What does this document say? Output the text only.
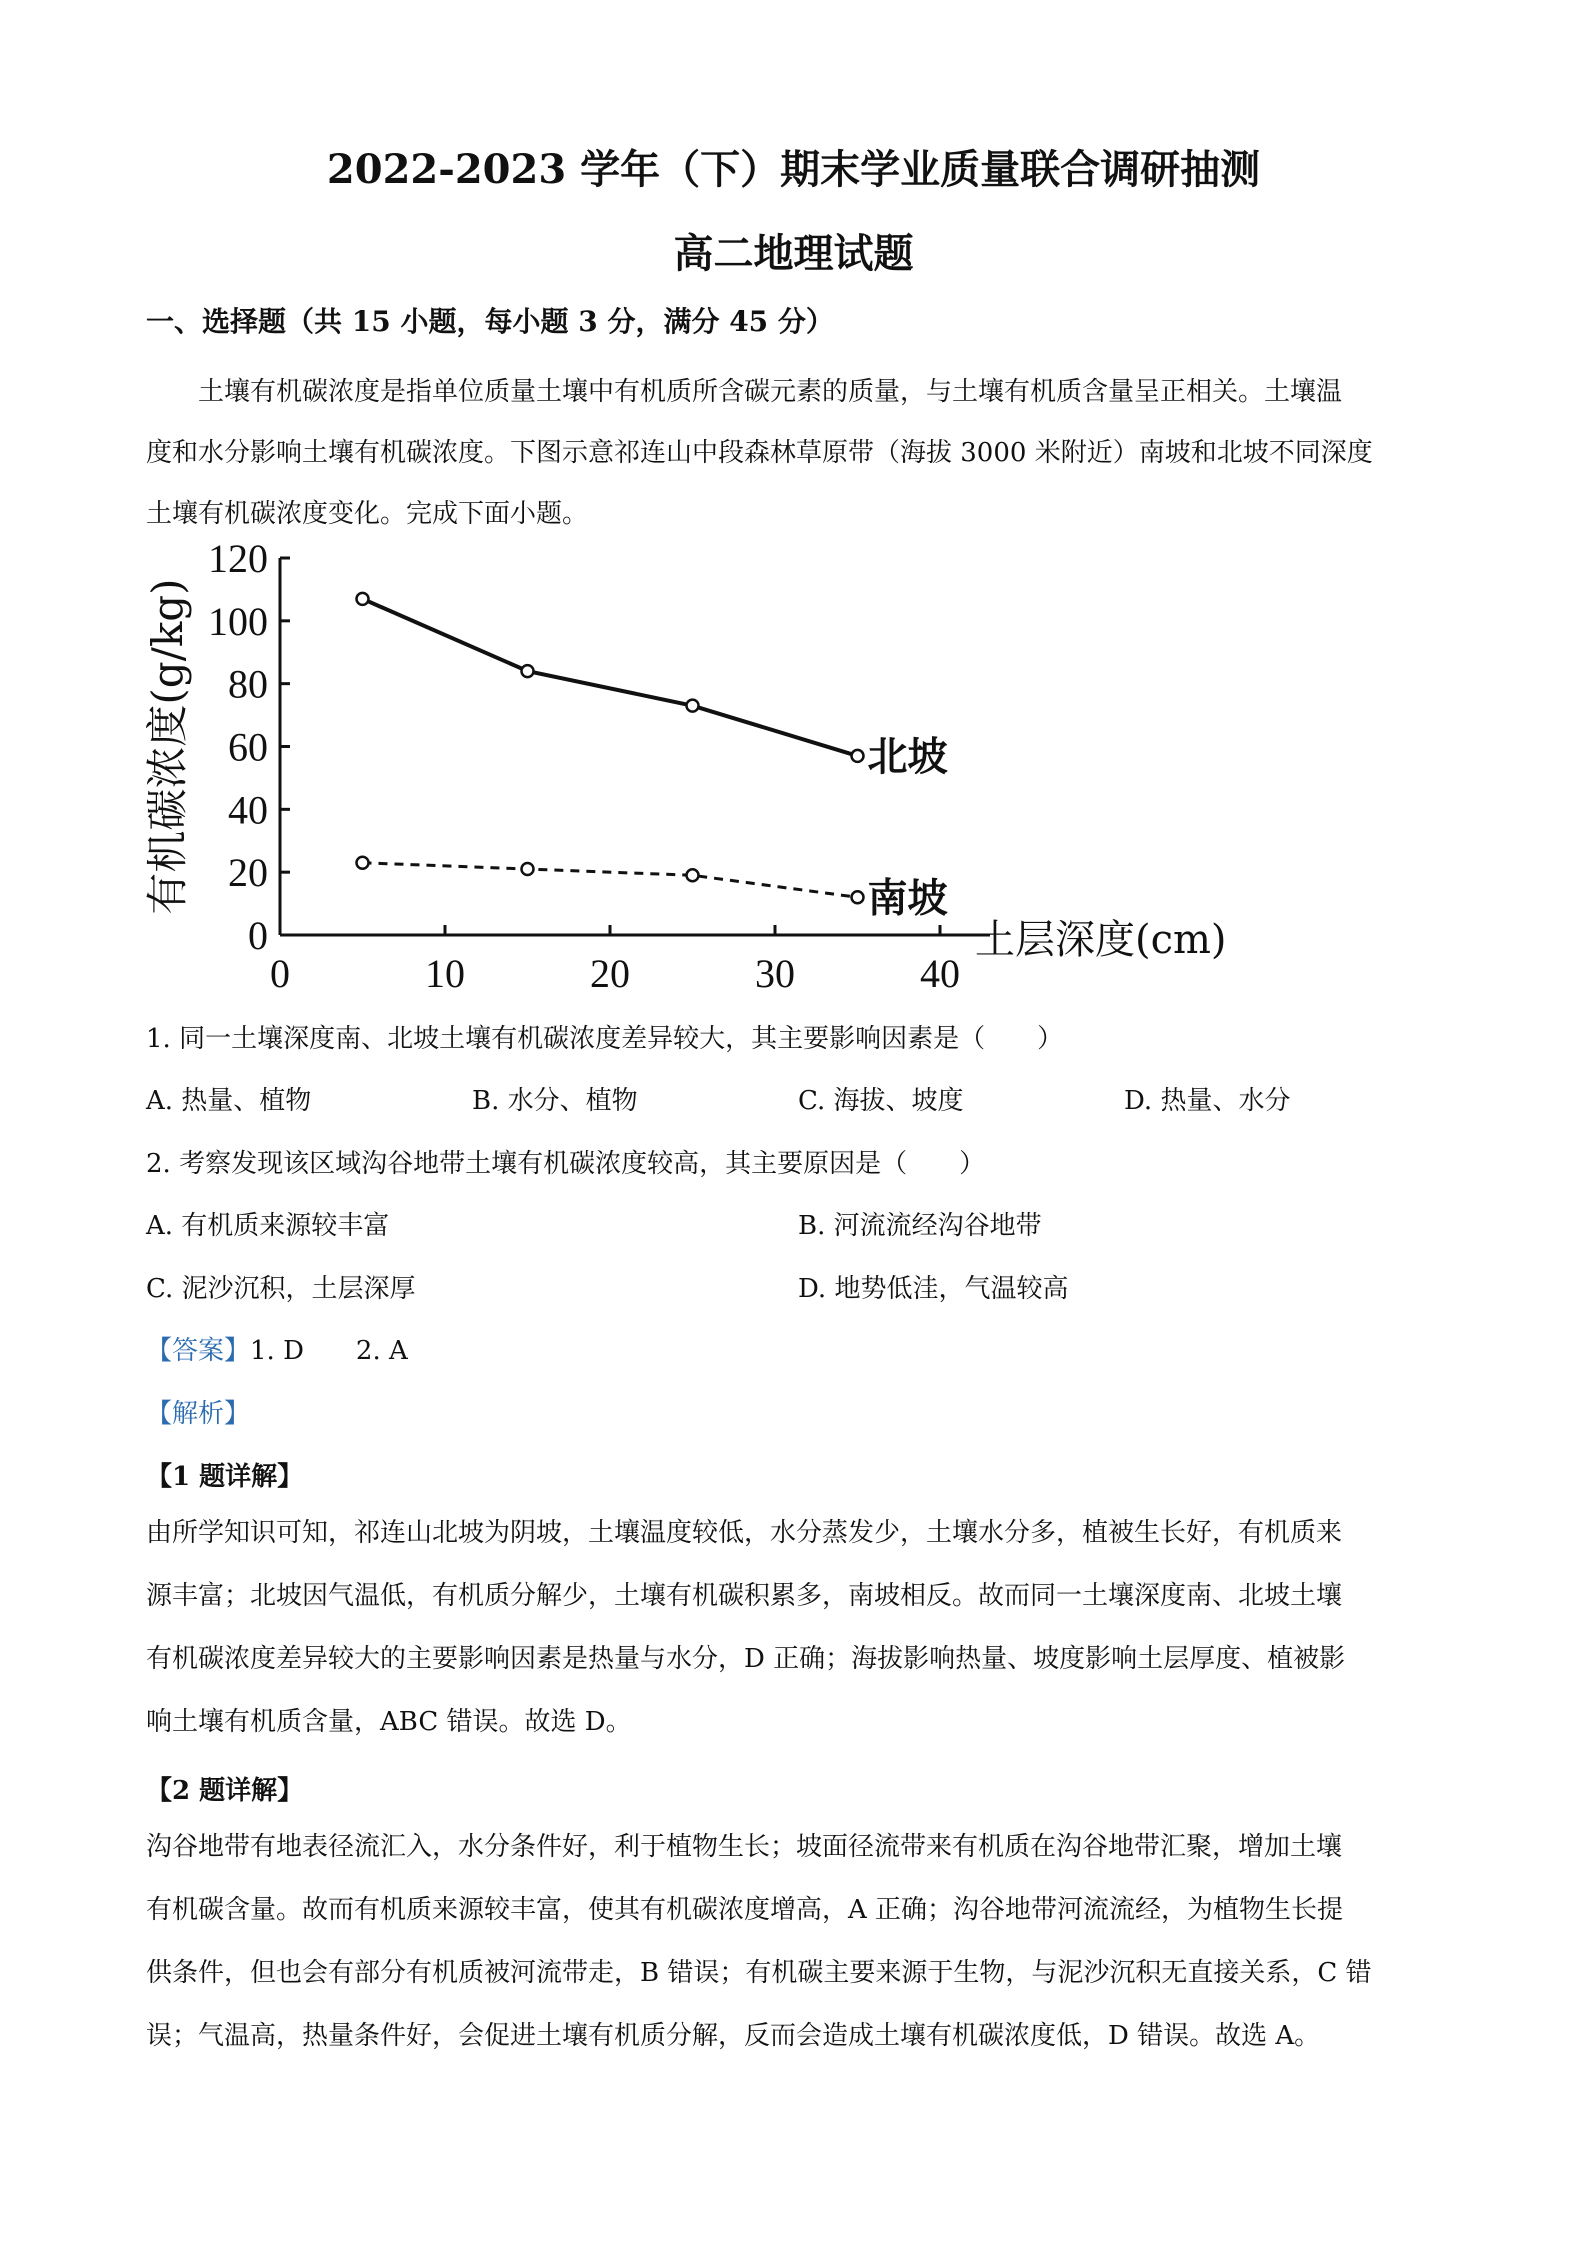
2022-2023 学年（下）期末学业质量联合调研抽测
高二地理试题
一、选择题（共 15 小题，每小题 3 分，满分 45 分）

土壤有机碳浓度是指单位质量土壤中有机质所含碳元素的质量，与土壤有机质含量呈正相关。土壤温

度和水分影响土壤有机碳浓度。下图示意祁连山中段森林草原带（海拔 3000 米附近）南坡和北坡不同深度

土壤有机碳浓度变化。完成下面小题。

0
20
40
60
80
100
120
0	10	20	30	40
土层深度(cm)
有机碳浓度(g/kg)	北坡
南坡
1. 同一土壤深度南、北坡土壤有机碳浓度差异较大，其主要影响因素是（　　）
A. 热量、植物	B. 水分、植物	C. 海拔、坡度	D. 热量、水分
2. 考察发现该区域沟谷地带土壤有机碳浓度较高，其主要原因是（　　）
A. 有机质来源较丰富	B. 河流流经沟谷地带
C. 泥沙沉积，土层深厚	D. 地势低洼，气温较高
【答案】1. D　　2. A
【解析】
【1 题详解】

由所学知识可知，祁连山北坡为阴坡，土壤温度较低，水分蒸发少，土壤水分多，植被生长好，有机质来

源丰富；北坡因气温低，有机质分解少，土壤有机碳积累多，南坡相反。故而同一土壤深度南、北坡土壤

有机碳浓度差异较大的主要影响因素是热量与水分，D 正确；海拔影响热量、坡度影响土层厚度、植被影

响土壤有机质含量，ABC 错误。故选 D。

【2 题详解】

沟谷地带有地表径流汇入，水分条件好，利于植物生长；坡面径流带来有机质在沟谷地带汇聚，增加土壤

有机碳含量。故而有机质来源较丰富，使其有机碳浓度增高，A 正确；沟谷地带河流流经，为植物生长提

供条件，但也会有部分有机质被河流带走，B 错误；有机碳主要来源于生物，与泥沙沉积无直接关系，C 错

误；气温高，热量条件好，会促进土壤有机质分解，反而会造成土壤有机碳浓度低，D 错误。故选 A。
